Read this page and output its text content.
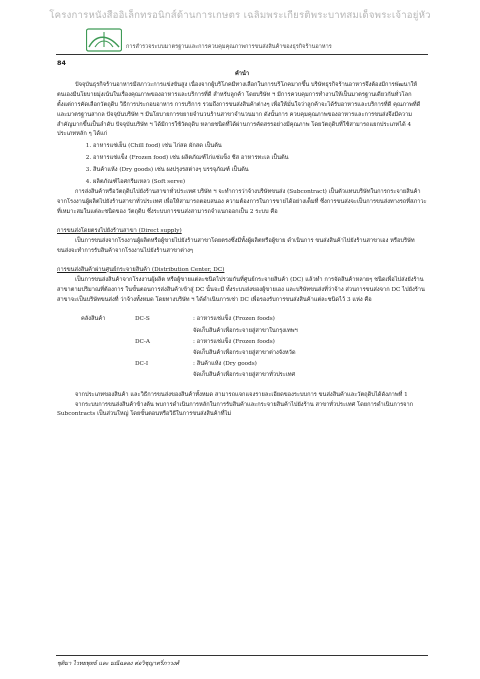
โครงการหนังสืออิเล็กทรอนิกส์ด้านการเกษตร เฉลิมพระเกียรติพระบาทสมเด็จพระเจ้าอยู่หัว
การสำรวจระบบมาตรฐานและการควบคุมคุณภาพการขนส่งสินค้าของธุรกิจร้านอาหาร
84

คำนำ

ปัจจุบันธุรกิจร้านอาหารมีสภาวะการแข่งขันสูง เนื่องจากผู้บริโภคมีทางเลือกในการบริโภคมากขึ้น บริษัทธุรกิจร้านอาหารจึงต้องมีการพัฒนาให้ตนเองมีนโยบายมุ่งเน้นในเรื่องคุณภาพของอาหารและบริการที่ดี สำหรับลูกค้า โดยบริษัท ฯ มีการควบคุมการทำงานให้เป็นมาตรฐานเดียวกันทั่วโลก ตั้งแต่การคัดเลือกวัตถุดิบ วิธีการประกอบอาหาร การบริการ รวมถึงการขนส่งสินค้าต่างๆ เพื่อให้มั่นใจว่าลูกค้าจะได้รับอาหารและบริการที่ดี คุณภาพที่ดี และมาตรฐานสากล ปัจจุบันบริษัท ฯ มีนโยบายการขยายจำนวนร้านสาขาจำนวนมาก ดังนั้นการ ควบคุมคุณภาพของอาหารและการขนส่งจึงมีความสำคัญมากขึ้นเป็นลำดับ ปัจจุบันบริษัท ฯ ได้มีการใช้วัตถุดิบ หลายชนิดที่ได้ผ่านการคัดสรรอย่างมีคุณภาพ โดยวัตถุดิบที่ใช้สามารถแยกประเภทได้ 4 ประเภทหลัก ๆ ได้แก่

1. อาหารแช่เย็น (Chill food) เช่น ไก่สด ผักสด เป็นต้น
2. อาหารแช่แข็ง (Frozen food) เช่น ผลิตภัณฑ์ไก่แช่แข็ง ชีส อาหารทะเล เป็นต้น
3. สินค้าแห้ง (Dry goods) เช่น ผงปรุงรสต่างๆ บรรจุภัณฑ์ เป็นต้น
4. ผลิตภัณฑ์ไอศกรีมเหลว (Soft serve)

การส่งสินค้าหรือวัตถุดิบไปยังร้านสาขาทั่วประเทศ บริษัท ฯ จะทำการว่าจ้างบริษัทขนส่ง (Subcontract) เป็นตัวแทนบริษัทในการกระจายสินค้าจากโรงงานผู้ผลิตไปยังร้านสาขาทั่วประเทศ เพื่อให้สามารถตอบสนอง ความต้องการในการขายได้อย่างเต็มที่ ซึ่งการขนส่งจะเป็นการขนส่งทางรถที่สภาวะที่เหมาะสมในแต่ละชนิดของ วัตถุดิบ ซึ่งระบบการขนส่งสามารถจำแนกออกเป็น 2 ระบบ คือ

การขนส่งโดยตรงไปยังร้านสาขา (Direct supply)

เป็นการขนส่งจากโรงงานผู้ผลิตหรือผู้ขายไปยังร้านสาขาโดยตรงซึ่งมีทั้งผู้ผลิตหรือผู้ขาย ดำเนินการ ขนส่งสินค้าไปยังร้านสาขาเอง หรือบริษัทขนส่งจะทำการรับสินค้าจากโรงงานไปยังร้านสาขาต่างๆ

การขนส่งสินค้าผ่านศูนย์กระจายสินค้า (Distribution Center, DC)

เป็นการขนส่งสินค้าจากโรงงานผู้ผลิต หรือผู้ขายแต่ละชนิดไปรวมกันที่ศูนย์กระจายสินค้า (DC) แล้วทำ การจัดสินค้าหลายๆ ชนิดเพื่อไปส่งยังร้านสาขาตามปริมาณที่ต้องการ ในขั้นตอนการส่งสินค้าเข้าสู่ DC นั้นจะมี ทั้งระบบส่งของผู้ขายเอง และบริษัทขนส่งที่ว่าจ้าง ส่วนการขนส่งจาก DC ไปยังร้านสาขาจะเป็นบริษัทขนส่งที่ ว่าจ้างทั้งหมด โดยทางบริษัท ฯ ได้ดำเนินการเช่า DC เพื่อรองรับการขนส่งสินค้าแต่ละชนิดไว้ 3 แห่ง คือ

คลังสินค้า	DC-S	: อาหารแช่แข็ง (Frozen foods)
		จัดเก็บสินค้าเพื่อกระจายสู่สาขาในกรุงเทพฯ
	DC-A	: อาหารแช่แข็ง (Frozen foods)
		จัดเก็บสินค้าเพื่อกระจายสู่สาขาต่างจังหวัด
	DC-I	: สินค้าแห้ง (Dry goods)
		จัดเก็บสินค้าเพื่อกระจายสู่สาขาทั่วประเทศ

จากประเภทของสินค้า และวิธีการขนส่งของสินค้าทั้งหมด สามารถแจกแจงรายละเอียดของระบบการ ขนส่งสินค้าและวัตถุดิบได้ดังภาพที่ 1

จากระบบการขนส่งสินค้าข้างต้น พบการดำเนินการหลักในการรับสินค้าและกระจายสินค้าไปยังร้าน สาขาทั่วประเทศ โดยการดำเนินการจาก Subcontracts เป็นส่วนใหญ่ โดยขั้นตอนหรือวิธีในการขนส่งสินค้าที่ไม่

ชุติมา ไวทยพุทธ์ และ มณีฉลอง ต่อวิชุญาตรี่ภาวงศ์
